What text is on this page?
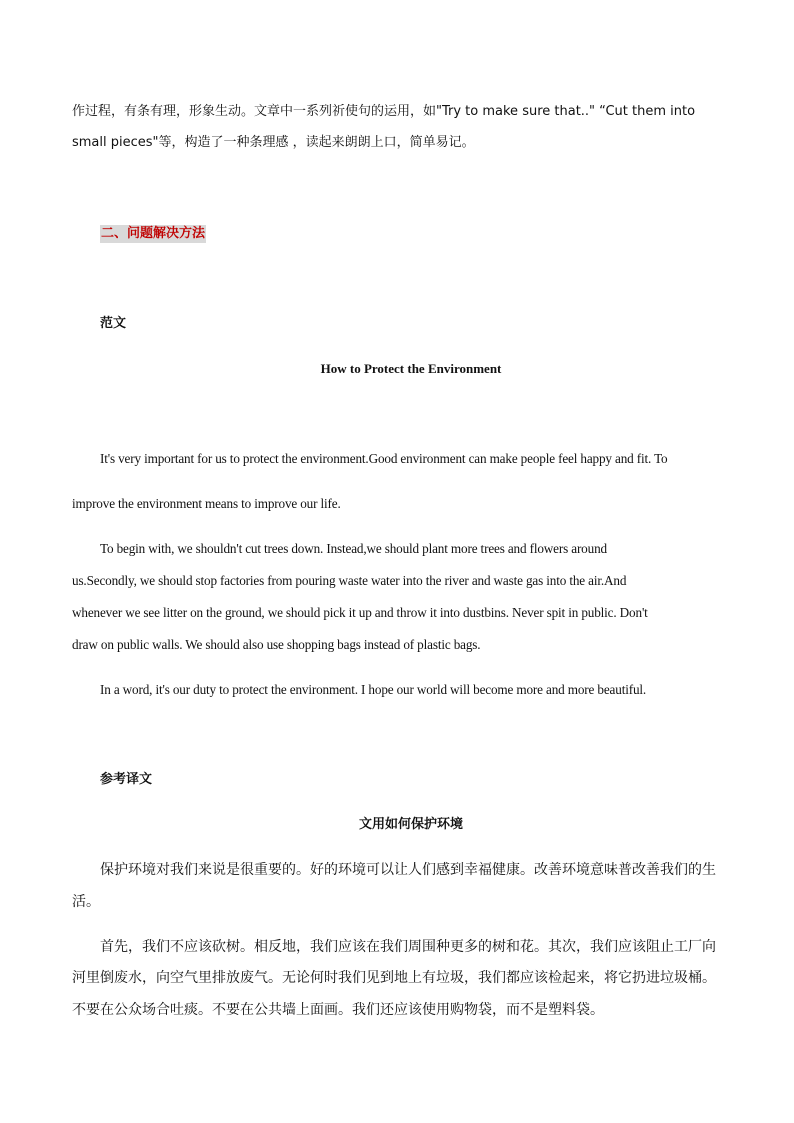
作过程，有条有理，形象生动。文章中一系列祈使句的运用，如"Try to make sure that.." “Cut them into
small pieces"等，构造了一种条理感 ，读起来朗朗上口，简单易记。
二、问题解决方法
范文
How to Protect the Environment
It's very important for us to protect the environment.Good environment can make people feel happy and fit. To
improve the environment means to improve our life.
To begin with, we shouldn't cut trees down. Instead,we should plant more trees and flowers around
us.Secondly, we should stop factories from pouring waste water into the river and waste gas into the air.And
whenever we see litter on the ground, we should pick it up and throw it into dustbins. Never spit in public. Don't
draw on public walls. We should also use shopping bags instead of plastic bags.
In a word, it's our duty to protect the environment. I hope our world will become more and more beautiful.
参考译文
文用如何保护环境
保护环境对我们来说是很重要的。好的环境可以让人们感到幸福健康。改善环境意味普改善我们的生
活。
首先，我们不应该砍树。相反地，我们应该在我们周围种更多的树和花。其次，我们应该阻止工厂向
河里倒废水，向空气里排放废气。无论何时我们见到地上有垃圾，我们都应该检起来，将它扔进垃圾桶。
不要在公众场合吐痰。不要在公共墙上面画。我们还应该使用购物袋，而不是塑料袋。
